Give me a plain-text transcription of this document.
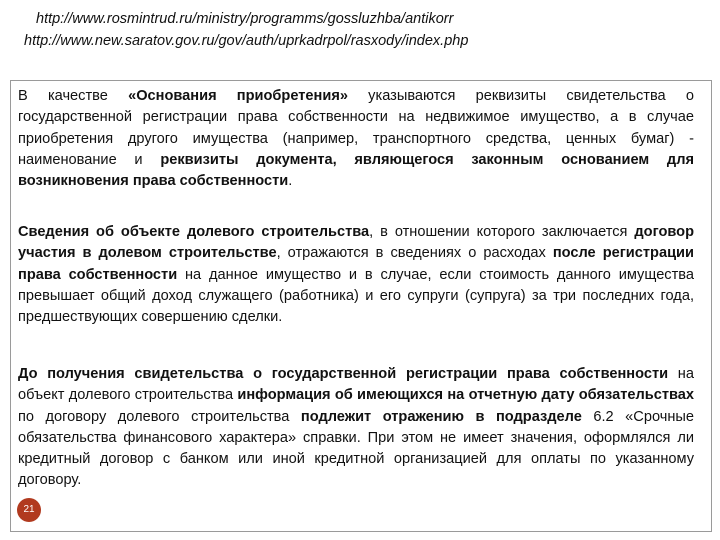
http://www.rosmintrud.ru/ministry/programms/gossluzhba/antikorr
http://www.new.saratov.gov.ru/gov/auth/uprkadrpol/rasxody/index.php
В качестве «Основания приобретения» указываются реквизиты свидетельства о государственной регистрации права собственности на недвижимое имущество, а в случае приобретения другого имущества (например, транспортного средства, ценных бумаг) - наименование и реквизиты документа, являющегося законным основанием для возникновения права собственности.
Сведения об объекте долевого строительства, в отношении которого заключается договор участия в долевом строительстве, отражаются в сведениях о расходах после регистрации права собственности на данное имущество и в случае, если стоимость данного имущества превышает общий доход служащего (работника) и его супруги (супруга) за три последних года, предшествующих совершению сделки.
До получения свидетельства о государственной регистрации права собственности на объект долевого строительства информация об имеющихся на отчетную дату обязательствах по договору долевого строительства подлежит отражению в подразделе 6.2 «Срочные обязательства финансового характера» справки. При этом не имеет значения, оформлялся ли кредитный договор с банком или иной кредитной организацией для оплаты по указанному договору.
21
